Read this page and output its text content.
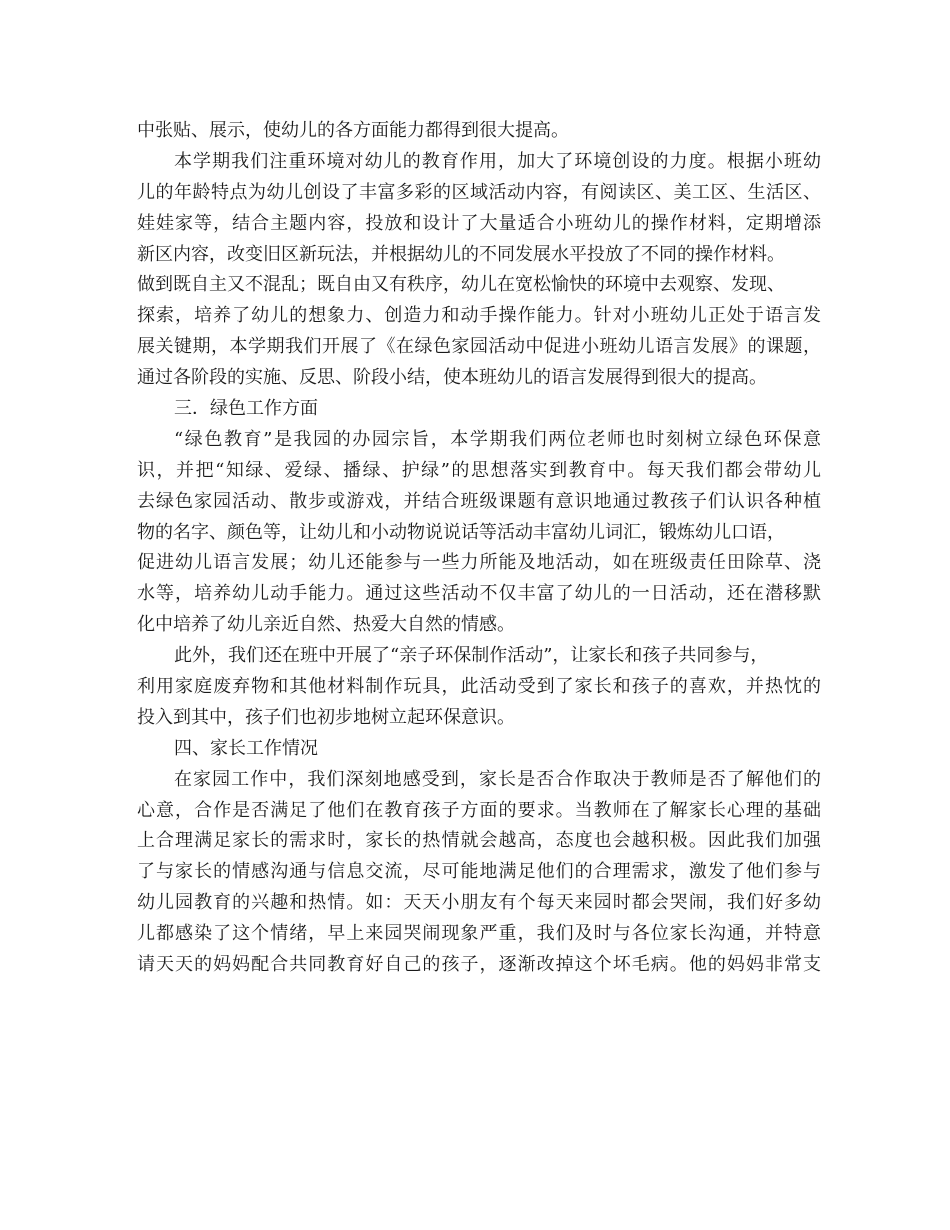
中张贴、展示，使幼儿的各方面能力都得到很大提高。
本学期我们注重环境对幼儿的教育作用，加大了环境创设的力度。根据小班幼
儿的年龄特点为幼儿创设了丰富多彩的区域活动内容，有阅读区、美工区、生活区、
娃娃家等，结合主题内容，投放和设计了大量适合小班幼儿的操作材料，定期增添
新区内容，改变旧区新玩法，并根据幼儿的不同发展水平投放了不同的操作材料。
做到既自主又不混乱；既自由又有秩序，幼儿在宽松愉快的环境中去观察、发现、
探索，培养了幼儿的想象力、创造力和动手操作能力。针对小班幼儿正处于语言发
展关键期，本学期我们开展了《在绿色家园活动中促进小班幼儿语言发展》的课题，
通过各阶段的实施、反思、阶段小结，使本班幼儿的语言发展得到很大的提高。
三．绿色工作方面
“绿色教育”是我园的办园宗旨，本学期我们两位老师也时刻树立绿色环保意
识，并把“知绿、爱绿、播绿、护绿”的思想落实到教育中。每天我们都会带幼儿
去绿色家园活动、散步或游戏，并结合班级课题有意识地通过教孩子们认识各种植
物的名字、颜色等，让幼儿和小动物说说话等活动丰富幼儿词汇，锻炼幼儿口语，
促进幼儿语言发展；幼儿还能参与一些力所能及地活动，如在班级责任田除草、浇
水等，培养幼儿动手能力。通过这些活动不仅丰富了幼儿的一日活动，还在潜移默
化中培养了幼儿亲近自然、热爱大自然的情感。
此外，我们还在班中开展了“亲子环保制作活动”，让家长和孩子共同参与，
利用家庭废弃物和其他材料制作玩具，此活动受到了家长和孩子的喜欢，并热忱的
投入到其中，孩子们也初步地树立起环保意识。
四、家长工作情况
在家园工作中，我们深刻地感受到，家长是否合作取决于教师是否了解他们的
心意，合作是否满足了他们在教育孩子方面的要求。当教师在了解家长心理的基础
上合理满足家长的需求时，家长的热情就会越高，态度也会越积极。因此我们加强
了与家长的情感沟通与信息交流，尽可能地满足他们的合理需求，激发了他们参与
幼儿园教育的兴趣和热情。如：天天小朋友有个每天来园时都会哭闹，我们好多幼
儿都感染了这个情绪，早上来园哭闹现象严重，我们及时与各位家长沟通，并特意
请天天的妈妈配合共同教育好自己的孩子，逐渐改掉这个坏毛病。他的妈妈非常支
